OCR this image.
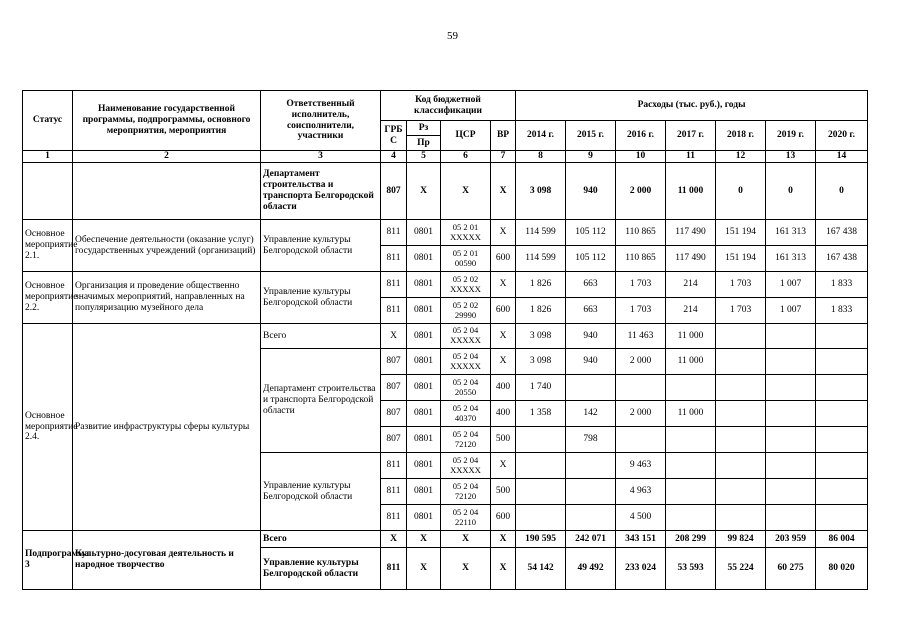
59
Статус	Наименование государственной программы, подпрограммы, основного мероприятия, мероприятия	Ответственный исполнитель, соисполнители, участники	Код бюджетной классификации				Расходы (тыс. руб.), годы						
			ГРБ С	Рз	ЦСР	ВР	2014 г.	2015 г.	2016 г.	2017 г.	2018 г.	2019 г.	2020 г.
				Пр									
1	2	3	4	5	6	7	8	9	10	11	12	13	14
		Департамент строительства и транспорта Белгородской области	807	X	X	X	3 098	940	2 000	11 000	0	0	0
Основное мероприятие 2.1.	Обеспечение деятельности (оказание услуг) государственных учреждений (организаций)	Управление культуры Белгородской области	811	0801	05 2 01 XXXXX	X	114 599	105 112	110 865	117 490	151 194	161 313	167 438
			811	0801	05 2 01 00590	600	114 599	105 112	110 865	117 490	151 194	161 313	167 438
Основное мероприятие 2.2.	Организация и проведение общественно значимых мероприятий, направленных на популяризацию музейного дела	Управление культуры Белгородской области	811	0801	05 2 02 XXXXX	X	1 826	663	1 703	214	1 703	1 007	1 833
			811	0801	05 2 02 29990	600	1 826	663	1 703	214	1 703	1 007	1 833
Основное мероприятие 2.4.	Развитие инфраструктуры сферы культуры	Всего	X	0801	05 2 04 XXXXX	X	3 098	940	11 463	11 000			
		Департамент строительства и транспорта Белгородской области	807	0801	05 2 04 XXXXX	X	3 098	940	2 000	11 000			
			807	0801	05 2 04 20550	400	1 740						
			807	0801	05 2 04 40370	400	1 358	142	2 000	11 000			
			807	0801	05 2 04 72120	500		798					
		Управление культуры Белгородской области	811	0801	05 2 04 XXXXX	X			9 463				
			811	0801	05 2 04 72120	500			4 963				
			811	0801	05 2 04 22110	600			4 500				
Подпрограмма 3	Культурно-досуговая деятельность и народное творчество	Всего	X	X	X	X	190 595	242 071	343 151	208 299	99 824	203 959	86 004
		Управление культуры Белгородской области	811	X	X	X	54 142	49 492	233 024	53 593	55 224	60 275	80 020
